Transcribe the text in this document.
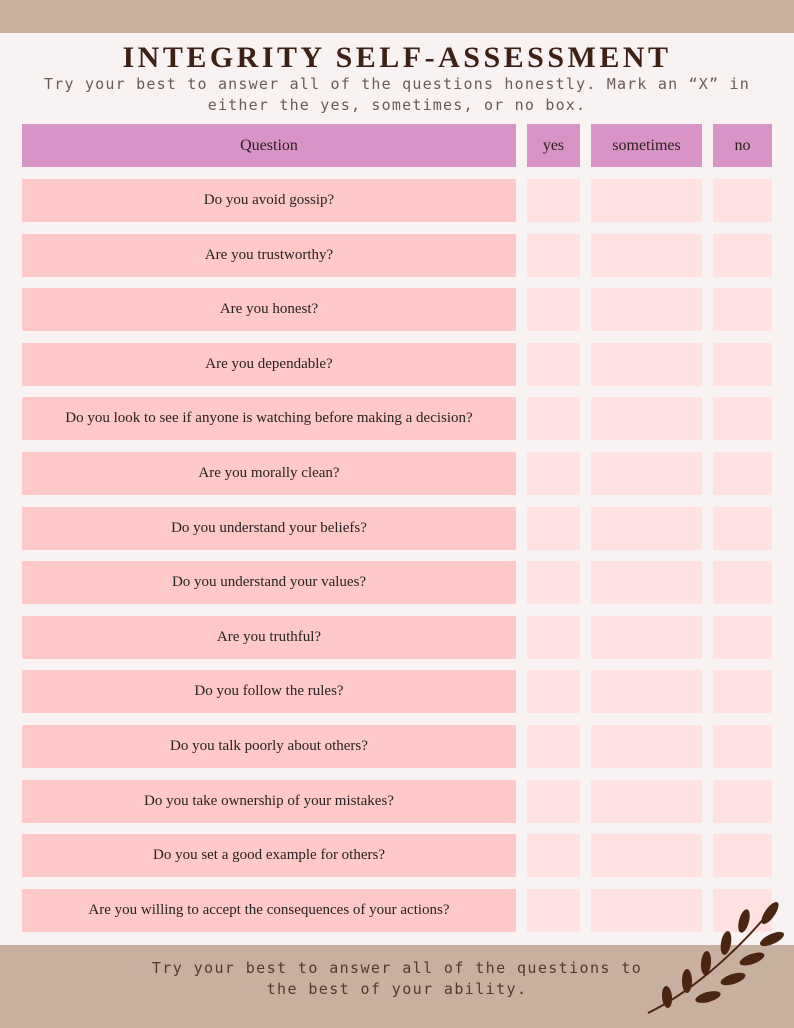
INTEGRITY SELF-ASSESSMENT
Try your best to answer all of the questions honestly. Mark an “X” in either the yes, sometimes, or no box.
Question	yes	sometimes	no
Do you avoid gossip?
Are you trustworthy?
Are you honest?
Are you dependable?
Do you look to see if anyone is watching before making a decision?
Are you morally clean?
Do you understand your beliefs?
Do you understand your values?
Are you truthful?
Do you follow the rules?
Do you talk poorly about others?
Do you take ownership of your mistakes?
Do you set a good example for others?
Are you willing to accept the consequences of your actions?
Try your best to answer all of the questions to the best of your ability.
